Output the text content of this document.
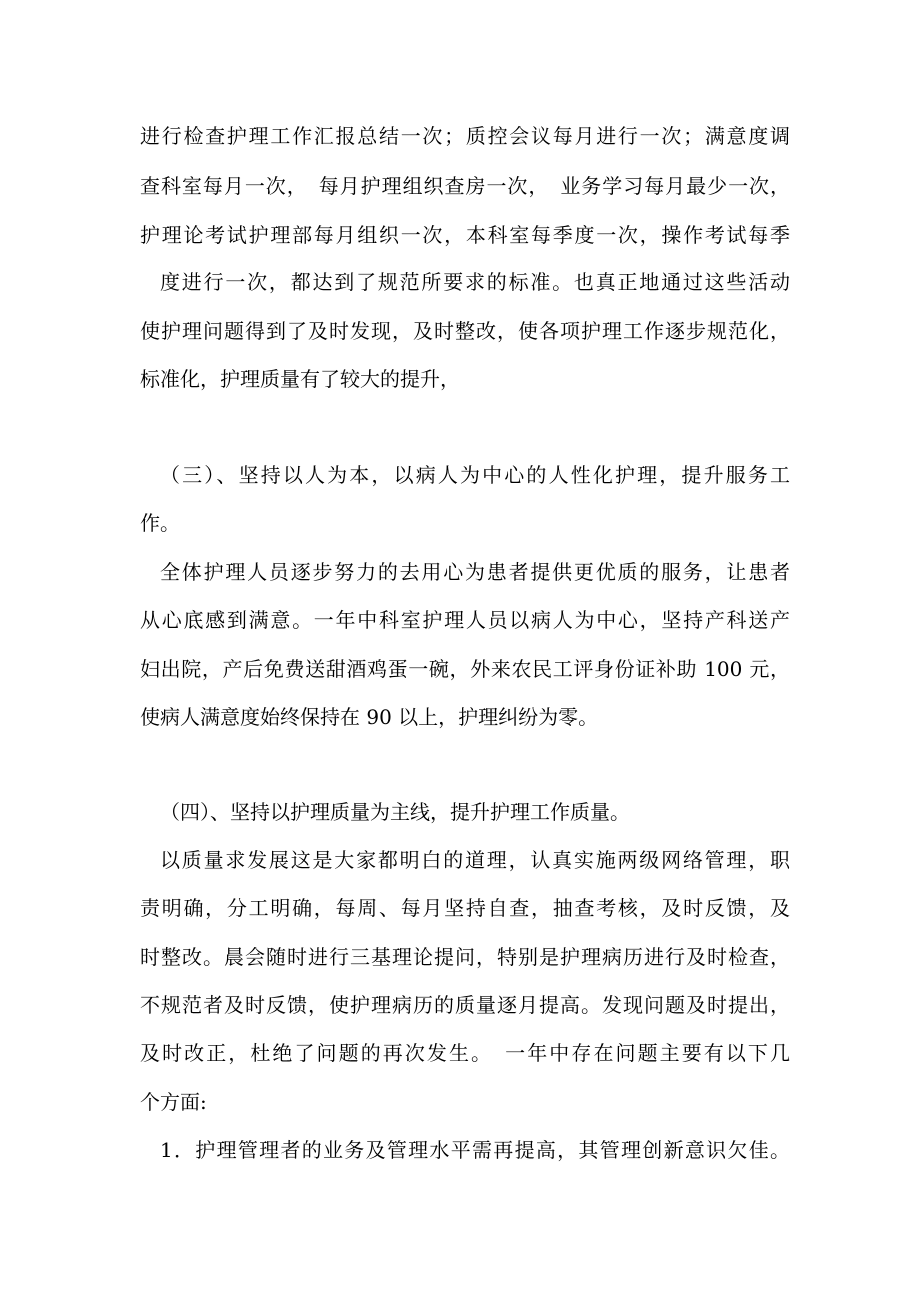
进行检查护理工作汇报总结一次；质控会议每月进行一次；满意度调
查科室每月一次，　每月护理组织查房一次，　业务学习每月最少一次，
护理论考试护理部每月组织一次，本科室每季度一次，操作考试每季
度进行一次，都达到了规范所要求的标准。也真正地通过这些活动
使护理问题得到了及时发现，及时整改，使各项护理工作逐步规范化，
标准化，护理质量有了较大的提升，
（三）、坚持以人为本，以病人为中心的人性化护理，提升服务工
作。
全体护理人员逐步努力的去用心为患者提供更优质的服务，让患者
从心底感到满意。一年中科室护理人员以病人为中心，坚持产科送产
妇出院，产后免费送甜酒鸡蛋一碗，外来农民工评身份证补助 100 元，
使病人满意度始终保持在 90 以上，护理纠纷为零。
（四）、坚持以护理质量为主线，提升护理工作质量。
以质量求发展这是大家都明白的道理，认真实施两级网络管理，职
责明确，分工明确，每周、每月坚持自查，抽查考核，及时反馈，及
时整改。晨会随时进行三基理论提问，特别是护理病历进行及时检查，
不规范者及时反馈，使护理病历的质量逐月提高。发现问题及时提出，
及时改正，杜绝了问题的再次发生。　一年中存在问题主要有以下几
个方面:
1．护理管理者的业务及管理水平需再提高，其管理创新意识欠佳。
